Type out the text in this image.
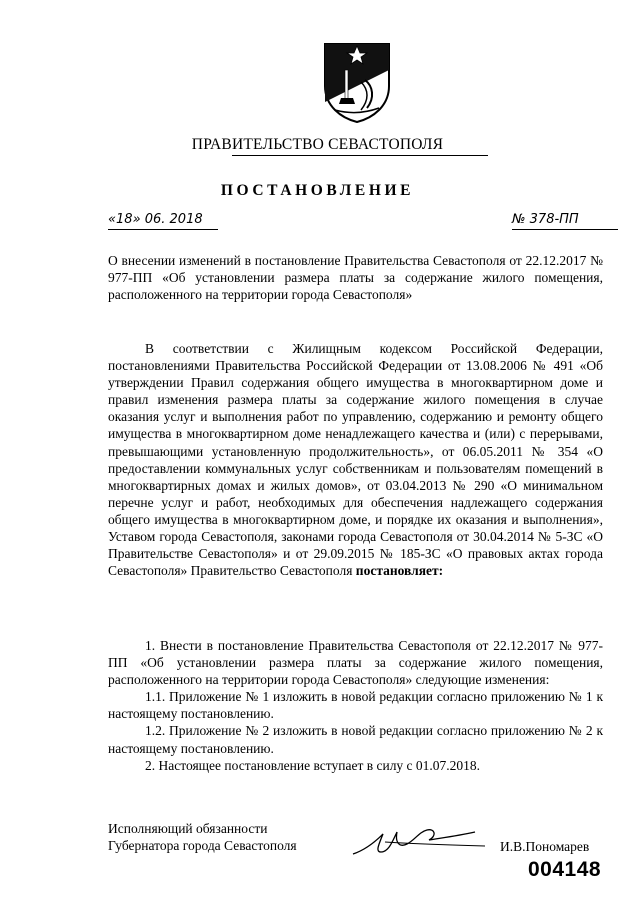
ПРАВИТЕЛЬСТВО СЕВАСТОПОЛЯ
ПОСТАНОВЛЕНИЕ
«18» 06. 2018	№ 378-ПП
О внесении изменений в постановление Правительства Севастополя от 22.12.2017 № 977-ПП «Об установлении размера платы за содержание жилого помещения, расположенного на территории города Севастополя»

В соответствии с Жилищным кодексом Российской Федерации, постановлениями Правительства Российской Федерации от 13.08.2006 № 491 «Об утверждении Правил содержания общего имущества в многоквартирном доме и правил изменения размера платы за содержание жилого помещения в случае оказания услуг и выполнения работ по управлению, содержанию и ремонту общего имущества в многоквартирном доме ненадлежащего качества и (или) с перерывами, превышающими установленную продолжительность», от 06.05.2011 № 354 «О предоставлении коммунальных услуг собственникам и пользователям помещений в многоквартирных домах и жилых домов», от 03.04.2013 № 290 «О минимальном перечне услуг и работ, необходимых для обеспечения надлежащего содержания общего имущества в многоквартирном доме, и порядке их оказания и выполнения», Уставом города Севастополя, законами города Севастополя от 30.04.2014 № 5-ЗС «О Правительстве Севастополя» и от 29.09.2015 № 185-ЗС «О правовых актах города Севастополя» Правительство Севастополя постановляет:

1. Внести в постановление Правительства Севастополя от 22.12.2017 № 977-ПП «Об установлении размера платы за содержание жилого помещения, расположенного на территории города Севастополя» следующие изменения:

1.1. Приложение № 1 изложить в новой редакции согласно приложению № 1 к настоящему постановлению.

1.2. Приложение № 2 изложить в новой редакции согласно приложению № 2 к настоящему постановлению.

2. Настоящее постановление вступает в силу с 01.07.2018.

Исполняющий обязанности
Губернатора города Севастополя	И.В.Пономарев
004148
